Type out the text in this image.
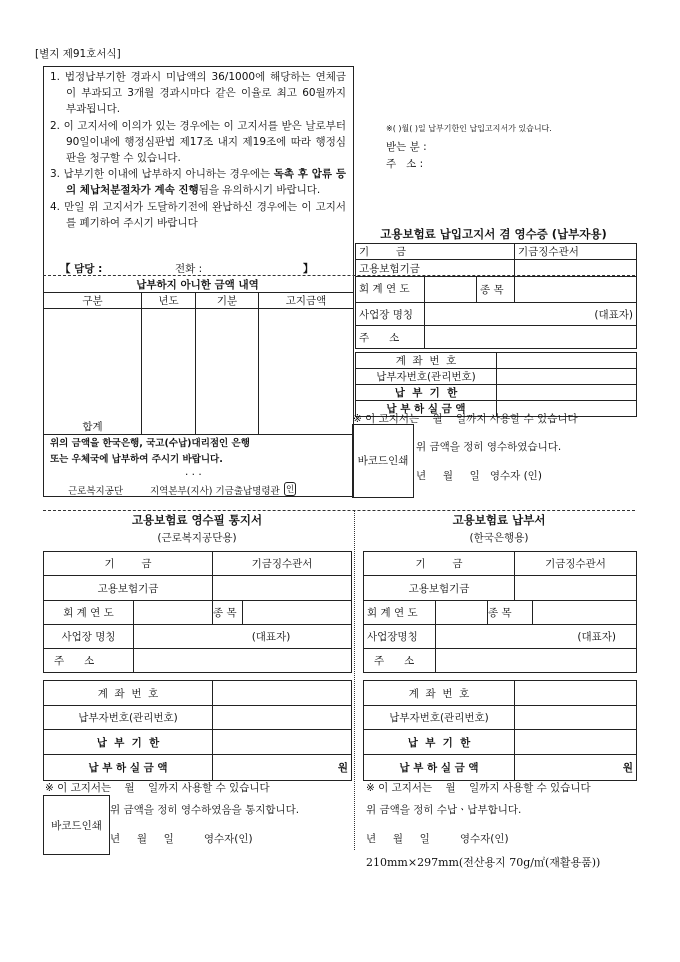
[별지 제91호서식]

1. 법정납부기한 경과시 미납액의 36/1000에 해당하는 연체금이 부과되고 3개월 경과시마다 같은 이율로 최고 60월까지 부과됩니다.

2. 이 고지서에 이의가 있는 경우에는 이 고지서를 받은 날로부터 90일이내에 행정심판법 제17조 내지 제19조에 따라 행정심판을 청구할 수 있습니다.

3. 납부기한 이내에 납부하지 아니하는 경우에는 독촉 후 압류 등의 체납처분절차가 계속 진행됨을 유의하시기 바랍니다.

4. 만일 위 고지서가 도달하기전에 완납하신 경우에는 이 고지서를 폐기하여 주시기 바랍니다

【 담당 :	전화 :	】
납부하지 아니한 금액 내역
구분	년도	기분	고지금액
합계			
위의 금액을 한국은행, 국고(수납)대리점인 은행
또는 우체국에 납부하여 주시기 바랍니다.
. . .
근로복지공단	지역본부(지사) 기금출납명령관 인
※( )월( )일 납부기한인 납입고지서가 있습니다.
받는 분 :
주   소 :
고용보험료 납입고지서 겸 영수증 (납부자용)
기        금			기금징수관서
고용보험기금			
회 계 연 도		종 목	
사업장 명칭	(대표자)		
주      소			
계  좌  번  호	
납부자번호(관리번호)	
납  부  기  한	
납 부 하 실 금 액	
※ 이 고지서는    월    일까지 사용할 수 있습니다
바코드인쇄
위 금액을 정히 영수하였습니다.
년     월     일   영수자 (인)
고용보험료 영수필 통지서
(근로복지공단용)
기        금		기금징수관서	
고용보험기금			
회 계 연 도		종 목	
사업장 명칭	(대표자)		
주      소			
계  좌  번  호	
납부자번호(관리번호)	
납  부  기  한	
납 부 하 실 금 액	원
※ 이 고지서는    월    일까지 사용할 수 있습니다
바코드인쇄
위 금액을 정히 영수하였음을 통지합니다.
년     월     일         영수자(인)
고용보험료 납부서
(한국은행용)
기        금			기금징수관서	
고용보험기금				
회 계 연 도		종 목		
사업장명칭	(대표자)			
주      소				
계  좌  번  호	
납부자번호(관리번호)	
납  부  기  한	
납 부 하 실 금 액	원
※ 이 고지서는    월    일까지 사용할 수 있습니다
위 금액을 정히 수납ㆍ납부합니다.
년     월     일         영수자(인)
210mm×297mm(전산용지 70g/㎡(재활용품))
